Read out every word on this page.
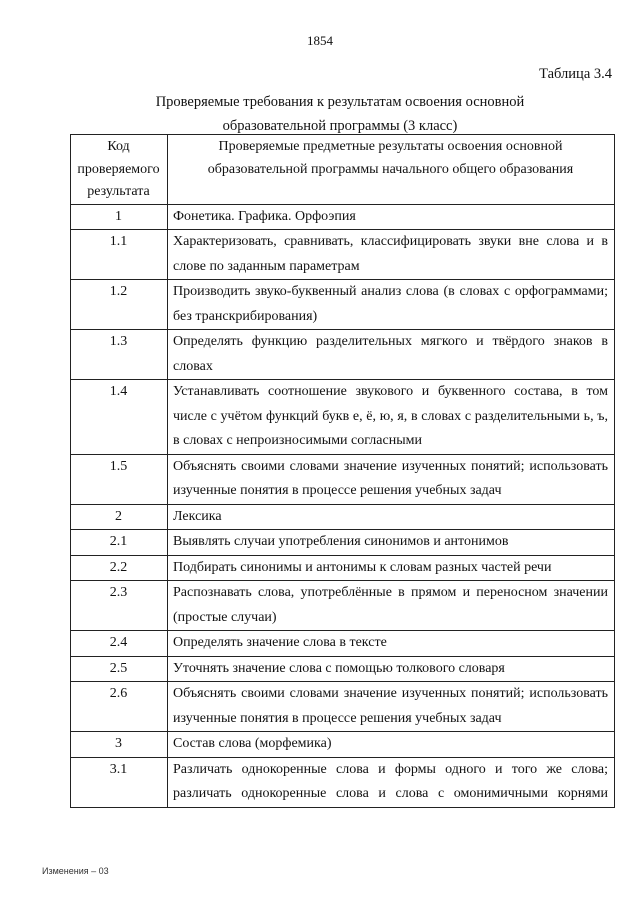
1854
Таблица 3.4
Проверяемые требования к результатам освоения основной
образовательной программы (3 класс)
Код проверяемого результата	Проверяемые предметные результаты освоения основной образовательной программы начального общего образования
1	Фонетика. Графика. Орфоэпия
1.1	Характеризовать, сравнивать, классифицировать звуки вне слова и в слове по заданным параметрам
1.2	Производить звуко-буквенный анализ слова (в словах с орфограммами; без транскрибирования)
1.3	Определять функцию разделительных мягкого и твёрдого знаков в словах
1.4	Устанавливать соотношение звукового и буквенного состава, в том числе с учётом функций букв е, ё, ю, я, в словах с разделительными ь, ъ, в словах с непроизносимыми согласными
1.5	Объяснять своими словами значение изученных понятий; использовать изученные понятия в процессе решения учебных задач
2	Лексика
2.1	Выявлять случаи употребления синонимов и антонимов
2.2	Подбирать синонимы и антонимы к словам разных частей речи
2.3	Распознавать слова, употреблённые в прямом и переносном значении (простые случаи)
2.4	Определять значение слова в тексте
2.5	Уточнять значение слова с помощью толкового словаря
2.6	Объяснять своими словами значение изученных понятий; использовать изученные понятия в процессе решения учебных задач
3	Состав слова (морфемика)
3.1	Различать однокоренные слова и формы одного и того же слова; различать однокоренные слова и слова с омонимичными корнями
Изменения – 03
